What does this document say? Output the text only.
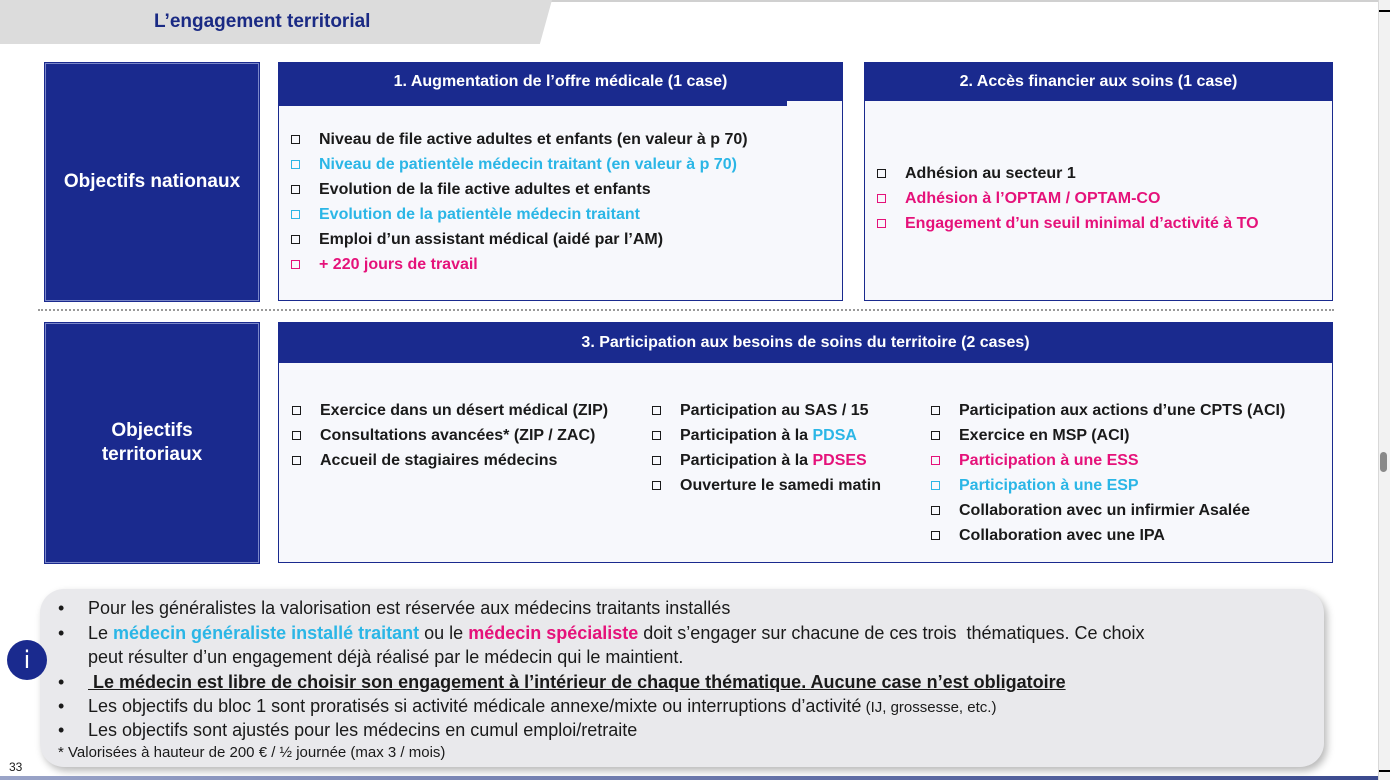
L’engagement territorial
Objectifs nationaux
1. Augmentation de l’offre médicale (1 case)
Niveau de file active adultes et enfants (en valeur à p 70)
Niveau de patientèle médecin traitant (en valeur à p 70)
Evolution de la file active adultes et enfants
Evolution de la patientèle médecin traitant
Emploi d’un assistant médical (aidé par l’AM)
+ 220 jours de travail
2. Accès financier aux soins (1 case)
Adhésion au secteur 1
Adhésion à l’OPTAM / OPTAM-CO
Engagement d’un seuil minimal d’activité à TO
Objectifs
territoriaux
3. Participation aux besoins de soins du territoire (2 cases)
Exercice dans un désert médical (ZIP)
Consultations avancées* (ZIP / ZAC)
Accueil de stagiaires médecins
Participation au SAS / 15
Participation à la PDSA
Participation à la PDSES
Ouverture le samedi matin
Participation aux actions d’une CPTS (ACI)
Exercice en MSP (ACI)
Participation à une ESS
Participation à une ESP
Collaboration avec un infirmier Asalée
Collaboration avec une IPA
i
• Pour les généralistes la valorisation est réservée aux médecins traitants installés
• Le médecin généraliste installé traitant ou le médecin spécialiste doit s’engager sur chacune de ces trois  thématiques. Ce choix
peut résulter d’un engagement déjà réalisé par le médecin qui le maintient.
• Le médecin est libre de choisir son engagement à l’intérieur de chaque thématique. Aucune case n’est obligatoire
• Les objectifs du bloc 1 sont proratisés si activité médicale annexe/mixte ou interruptions d’activité (IJ, grossesse, etc.)
• Les objectifs sont ajustés pour les médecins en cumul emploi/retraite
* Valorisées à hauteur de 200 € / ½ journée (max 3 / mois)
33
